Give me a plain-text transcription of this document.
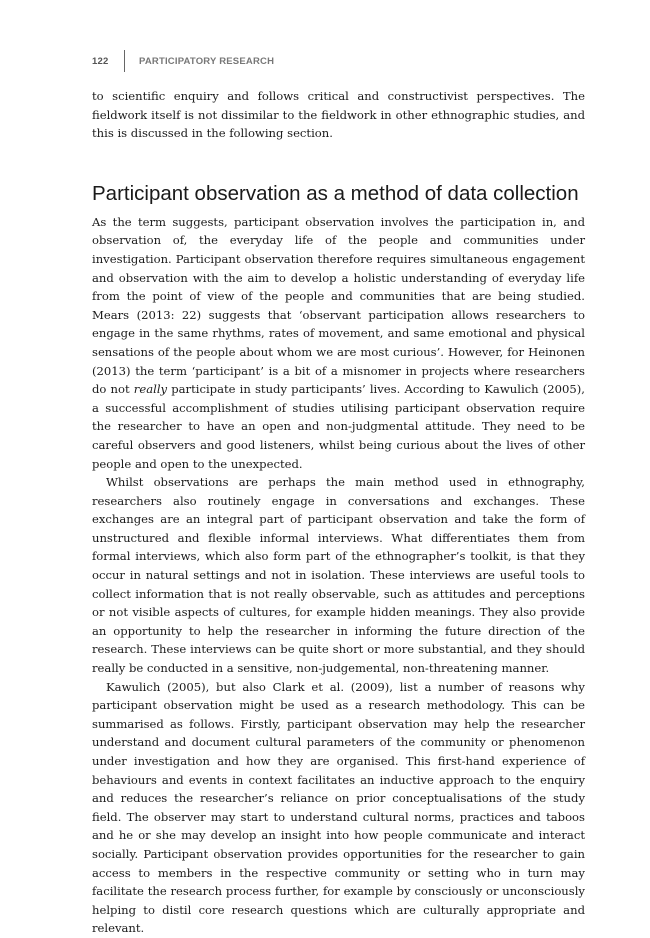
122	PARTICIPATORY RESEARCH

to scientific enquiry and follows critical and constructivist perspectives. The fieldwork itself is not dissimilar to the fieldwork in other ethnographic studies, and this is discussed in the following section.

Participant observation as a method of data collection

As the term suggests, participant observation involves the participation in, and observation of, the everyday life of the people and communities under investigation. Participant observation therefore requires simultaneous engagement and observation with the aim to develop a holistic understanding of everyday life from the point of view of the people and communities that are being studied. Mears (2013: 22) suggests that ‘observant participation allows researchers to engage in the same rhythms, rates of movement, and same emotional and physical sensations of the people about whom we are most curious’. However, for Heinonen (2013) the term ‘participant’ is a bit of a misnomer in projects where researchers do not really participate in study participants’ lives. According to Kawulich (2005), a successful accomplishment of studies utilising participant observation require the researcher to have an open and non-judgmental attitude. They need to be careful observers and good listeners, whilst being curious about the lives of other people and open to the unexpected.

Whilst observations are perhaps the main method used in ethnography, researchers also routinely engage in conversations and exchanges. These exchanges are an integral part of participant observation and take the form of unstructured and flexible informal interviews. What differentiates them from formal interviews, which also form part of the ethnographer’s toolkit, is that they occur in natural settings and not in isolation. These interviews are useful tools to collect information that is not really observable, such as attitudes and perceptions or not visible aspects of cultures, for example hidden meanings. They also provide an opportunity to help the researcher in informing the future direction of the research. These interviews can be quite short or more substantial, and they should really be conducted in a sensitive, non-judgemental, non-threatening manner.

Kawulich (2005), but also Clark et al. (2009), list a number of reasons why participant observation might be used as a research methodology. This can be summarised as follows. Firstly, participant observation may help the researcher understand and document cultural parameters of the community or phenomenon under investigation and how they are organised. This first-hand experience of behaviours and events in context facilitates an inductive approach to the enquiry and reduces the researcher’s reliance on prior conceptualisations of the study field. The observer may start to understand cultural norms, practices and taboos and he or she may develop an insight into how people communicate and interact socially. Participant observation provides opportunities for the researcher to gain access to members in the respective community or setting who in turn may facilitate the research process further, for example by consciously or unconsciously helping to distil core research questions which are culturally appropriate and relevant.
